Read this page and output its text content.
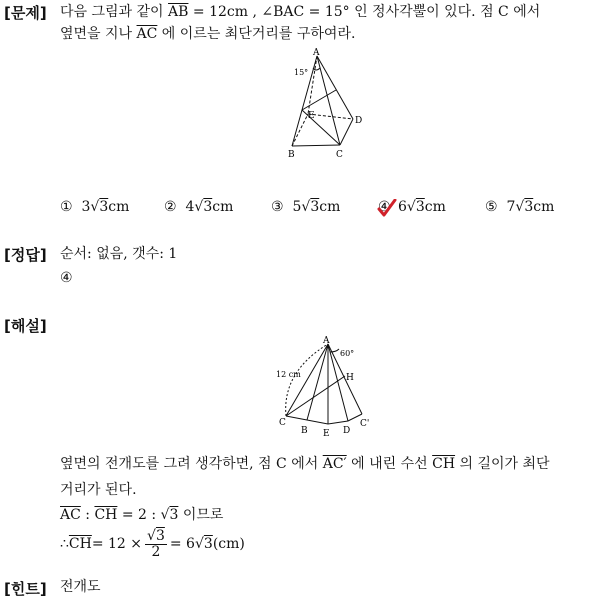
[문제] 다음 그림과 같이 $\overline{AB} = 12cm$ , ∠BAC = 15° 인 정사각뿔이 있다. 점 C 에서
옆면을 지나 $\overline{AC}$ 에 이르는 최단거리를 구하여라.
A
15°
E	D
B	C
① 3√3cm ② 4√3cm	③ 5√3cm	④ 6√3cm	⑤ 7√3cm
[정답] 순서: 없음, 갯수: 1
④
[해설]
A
60°
12 cm	H
C
B E D
C'
옆면의 전개도를 그려 생각하면, 점 C 에서 AC′ 에 내린 수선 $\overline{CH}$ 의 길이가 최단
거리가 된다.
$\overline{AC}$ : $\overline{CH} = 2$ : √3 이므로
∴ $\overline{CH} = 12 \times \frac{√3}{2} = 6$ √ 3 (cm)
[힌트] 전개도
